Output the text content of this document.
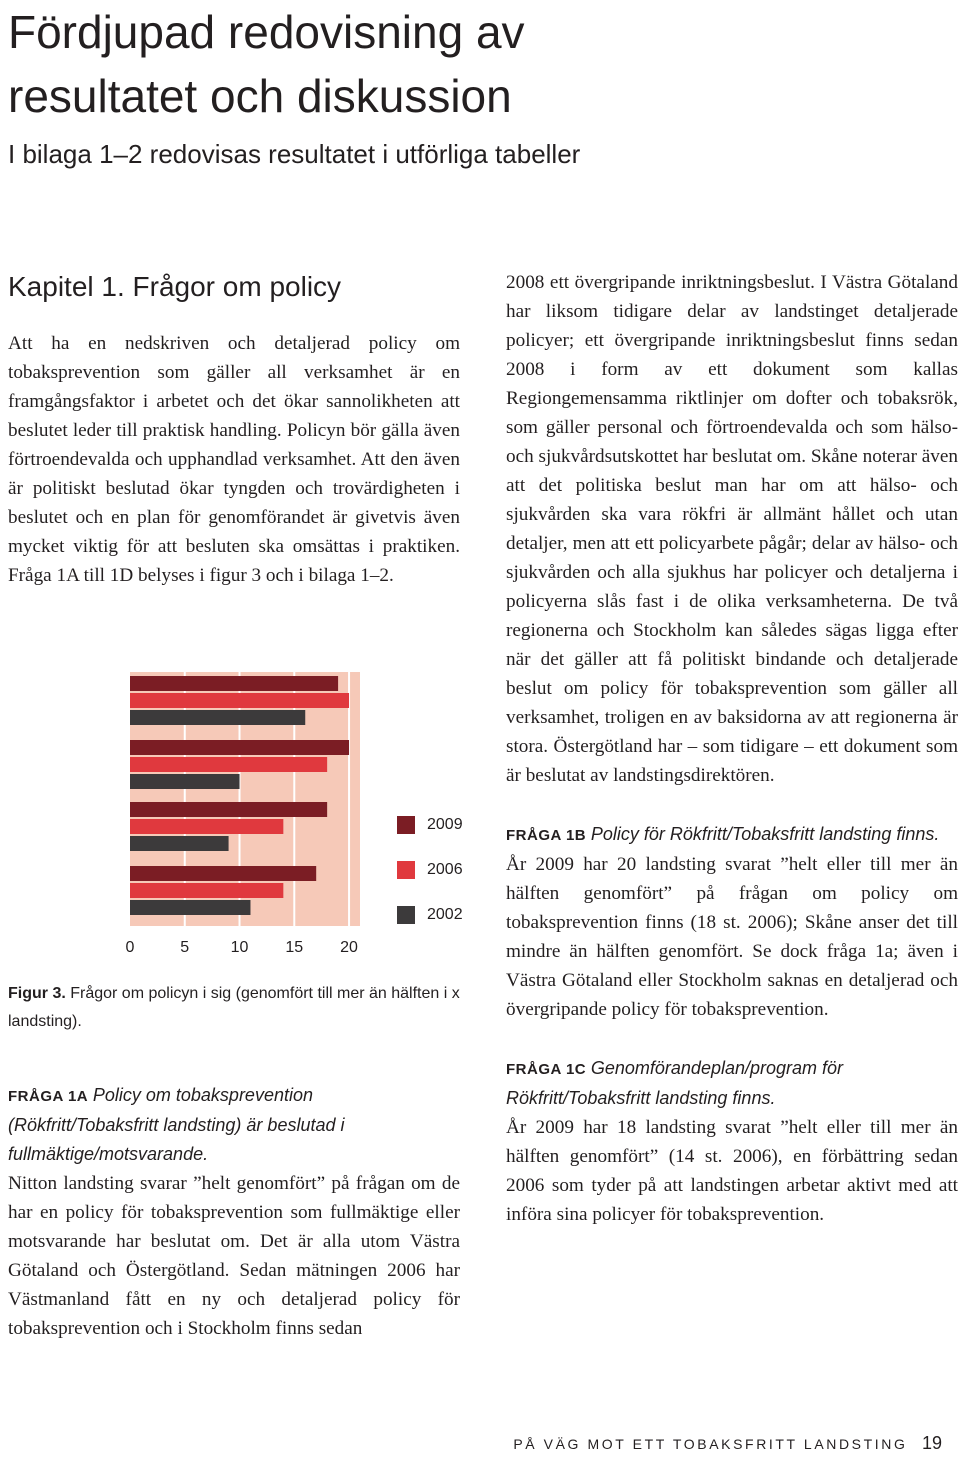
Fördjupad redovisning av
resultatet och diskussion

I bilaga 1–2 redovisas resultatet i utförliga tabeller

Kapitel 1. Frågor om policy

Att ha en nedskriven och detaljerad policy om tobaksprevention som gäller all verksamhet är en framgångsfaktor i arbetet och det ökar sannolikheten att beslutet leder till praktisk handling. Policyn bör gälla även förtroendevalda och upphandlad verksamhet. Att den även är politiskt beslutad ökar tyngden och trovärdigheten i beslutet och en plan för genomförandet är givetvis även mycket viktig för att besluten ska omsättas i praktiken. Fråga 1A till 1D belyses i figur 3 och i bilaga 1–2.

0	5	10 15 20
2009
2006
2002

Figur 3. Frågor om policyn i sig (genomfört till mer än hälften i x landsting).

FRÅGA 1A Policy om tobaksprevention (Rökfritt/Tobaksfritt landsting) är beslutad i fullmäktige/motsvarande.

Nitton landsting svarar ”helt genomfört” på frågan om de har en policy för tobaksprevention som fullmäktige eller motsvarande har beslutat om. Det är alla utom Västra Götaland och Östergötland. Sedan mätningen 2006 har Västmanland fått en ny och detaljerad policy för tobaksprevention och i Stockholm finns sedan

2008 ett övergripande inriktningsbeslut. I Västra Götaland har liksom tidigare delar av landstinget detaljerade policyer; ett övergripande inriktningsbeslut finns sedan 2008 i form av ett dokument som kallas Regiongemensamma riktlinjer om dofter och tobaksrök, som gäller personal och förtroendevalda och som hälso- och sjukvårdsutskottet har beslutat om. Skåne noterar även att det politiska beslut man har om att hälso- och sjukvården ska vara rökfri är allmänt hållet och utan detaljer, men att ett policyarbete pågår; delar av hälso- och sjukvården och alla sjukhus har policyer och detaljerna i policyerna slås fast i de olika verksamheterna. De två regionerna och Stockholm kan således sägas ligga efter när det gäller att få politiskt bindande och detaljerade beslut om policy för tobaksprevention som gäller all verksamhet, troligen en av baksidorna av att regionerna är stora. Östergötland har – som tidigare – ett dokument som är beslutat av landstingsdirektören.

FRÅGA 1B Policy för Rökfritt/Tobaksfritt landsting finns.

År 2009 har 20 landsting svarat ”helt eller till mer än hälften genomfört” på frågan om policy om tobaksprevention finns (18 st. 2006); Skåne anser det till mindre än hälften genomfört. Se dock fråga 1a; även i Västra Götaland eller Stockholm saknas en detaljerad och övergripande policy för tobaksprevention.

FRÅGA 1C Genomförandeplan/program för Rökfritt/Tobaksfritt landsting finns.

År 2009 har 18 landsting svarat ”helt eller till mer än hälften genomfört” (14 st. 2006), en förbättring sedan 2006 som tyder på att landstingen arbetar aktivt med att införa sina policyer för tobaksprevention.

PÅ VÄG MOT ETT TOBAKSFRITT LANDSTING 19
